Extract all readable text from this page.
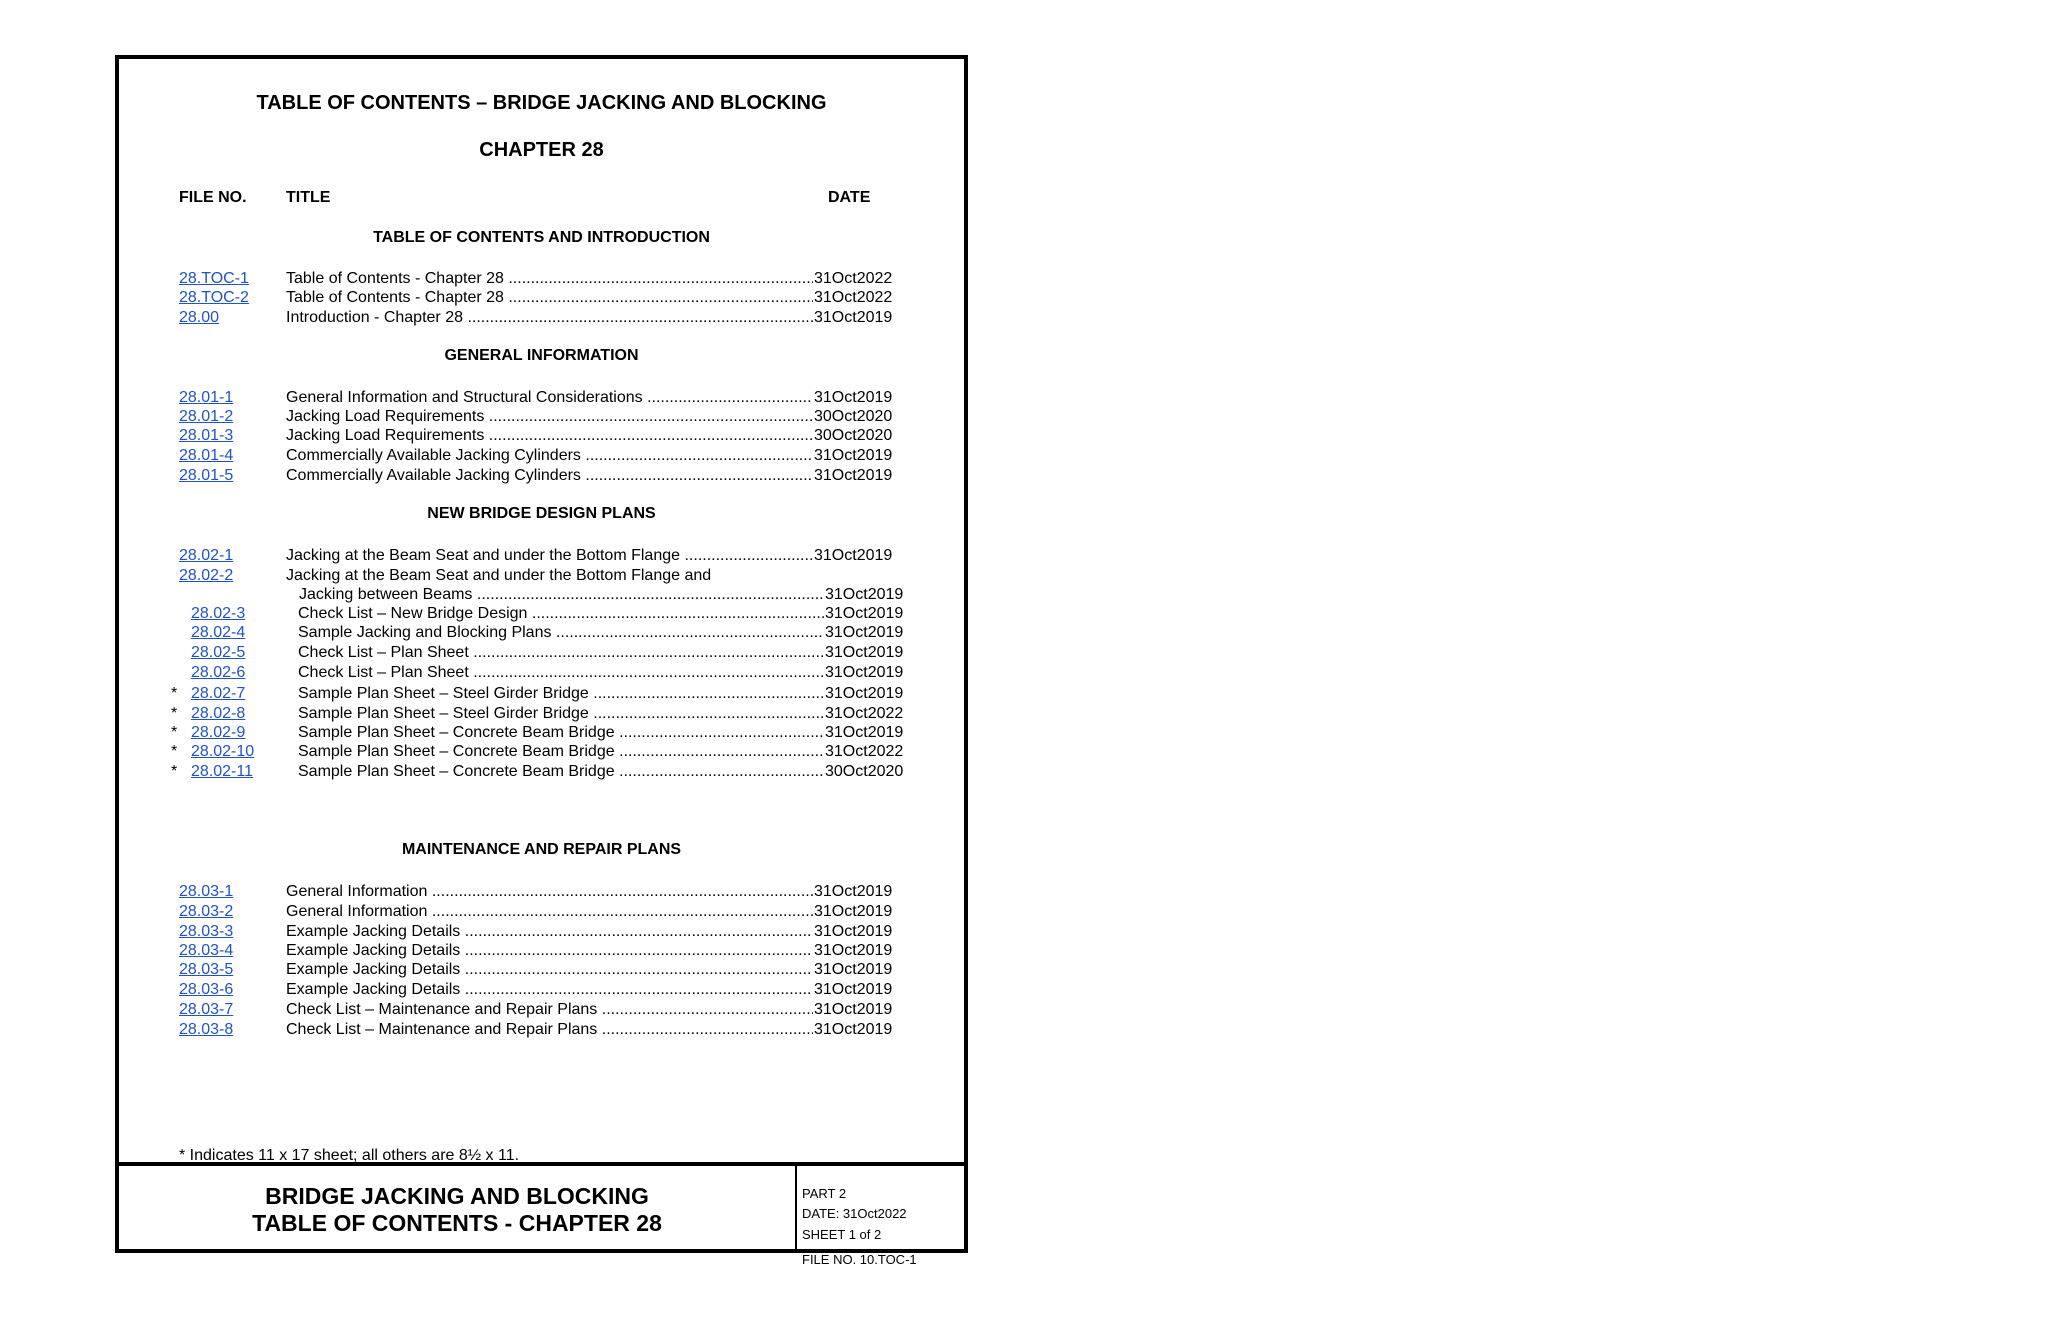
TABLE OF CONTENTS – BRIDGE JACKING AND BLOCKING
CHAPTER 28
FILE NO. TITLE	DATE
TABLE OF CONTENTS AND INTRODUCTION
GENERAL INFORMATION
NEW BRIDGE DESIGN PLANS
MAINTENANCE AND REPAIR PLANS
28.TOC-1 Table of Contents - Chapter 28 .....	31Oct2022
28.TOC-2 Table of Contents - Chapter 28 .....	31Oct2022
28.00	Introduction - Chapter 28 .....	31Oct2019
28.01-1	General Information and Structural Considerations .....	31Oct2019
28.01-2	Jacking Load Requirements .....	30Oct2020
28.01-3	Jacking Load Requirements .....	30Oct2020
28.01-4	Commercially Available Jacking Cylinders .....	31Oct2019
28.01-5	Commercially Available Jacking Cylinders .....	31Oct2019
28.02-1	Jacking at the Beam Seat and under the Bottom Flange .....	31Oct2019
28.02-2	Jacking at the Beam Seat and under the Bottom Flange and
Jacking between Beams .....	31Oct2019
28.02-3	Check List – New Bridge Design .....	31Oct2019
28.02-4	Sample Jacking and Blocking Plans .....	31Oct2019
28.02-5	Check List – Plan Sheet .....	31Oct2019
28.02-6	Check List – Plan Sheet .....	31Oct2019
* 28.02-7	Sample Plan Sheet – Steel Girder Bridge .....	31Oct2019
* 28.02-8	Sample Plan Sheet – Steel Girder Bridge .....	31Oct2022
* 28.02-9	Sample Plan Sheet – Concrete Beam Bridge .....	31Oct2019
* 28.02-10	Sample Plan Sheet – Concrete Beam Bridge .....	31Oct2022
* 28.02-11	Sample Plan Sheet – Concrete Beam Bridge .....	30Oct2020
28.03-1	General Information .....	31Oct2019
28.03-2	General Information .....	31Oct2019
28.03-3	Example Jacking Details .....	31Oct2019
28.03-4	Example Jacking Details .....	31Oct2019
28.03-5	Example Jacking Details .....	31Oct2019
28.03-6	Example Jacking Details .....	31Oct2019
28.03-7	Check List – Maintenance and Repair Plans .....	31Oct2019
28.03-8	Check List – Maintenance and Repair Plans .....	31Oct2019
* Indicates 11 x 17 sheet; all others are 8½ x 11.
BRIDGE JACKING AND BLOCKING
TABLE OF CONTENTS - CHAPTER 28
PART 2
DATE: 31Oct2022
SHEET 1 of 2
FILE NO. 10.TOC-1
